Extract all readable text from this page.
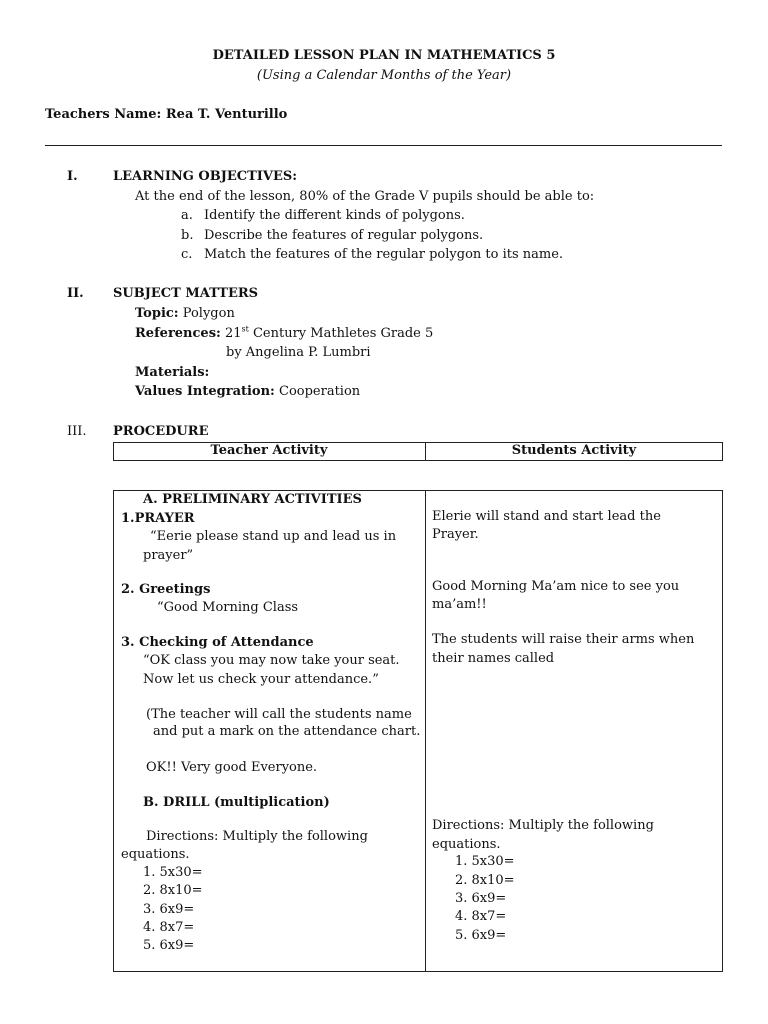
DETAILED LESSON PLAN IN MATHEMATICS 5
(Using a Calendar Months of the Year)
Teachers Name: Rea T. Venturillo
I.	LEARNING OBJECTIVES:
At the end of the lesson, 80% of the Grade V pupils should be able to:
a. Identify the different kinds of polygons.
b. Describe the features of regular polygons.
c. Match the features of the regular polygon to its name.
II. SUBJECT MATTERS
Topic: Polygon
References: 21st Century Mathletes Grade 5
by Angelina P. Lumbri
Materials:
Values Integration: Cooperation
III. PROCEDURE
Teacher Activity	Students Activity
A. PRELIMINARY ACTIVITIES
1.PRAYER
“Eerie please stand up and lead us in
prayer”
2. Greetings
“Good Morning Class
3. Checking of Attendance
“OK class you may now take your seat.
Now let us check your attendance.”
(The teacher will call the students name
and put a mark on the attendance chart.
OK!! Very good Everyone.
B. DRILL (multiplication)
Directions: Multiply the following
equations.
1. 5x30=
2. 8x10=
3. 6x9=
4. 8x7=
5. 6x9=
Elerie will stand and start lead the
Prayer.
Good Morning Ma’am nice to see you
ma’am!!
The students will raise their arms when
their names called
Directions: Multiply the following
equations.
1. 5x30=
2. 8x10=
3. 6x9=
4. 8x7=
5. 6x9=
